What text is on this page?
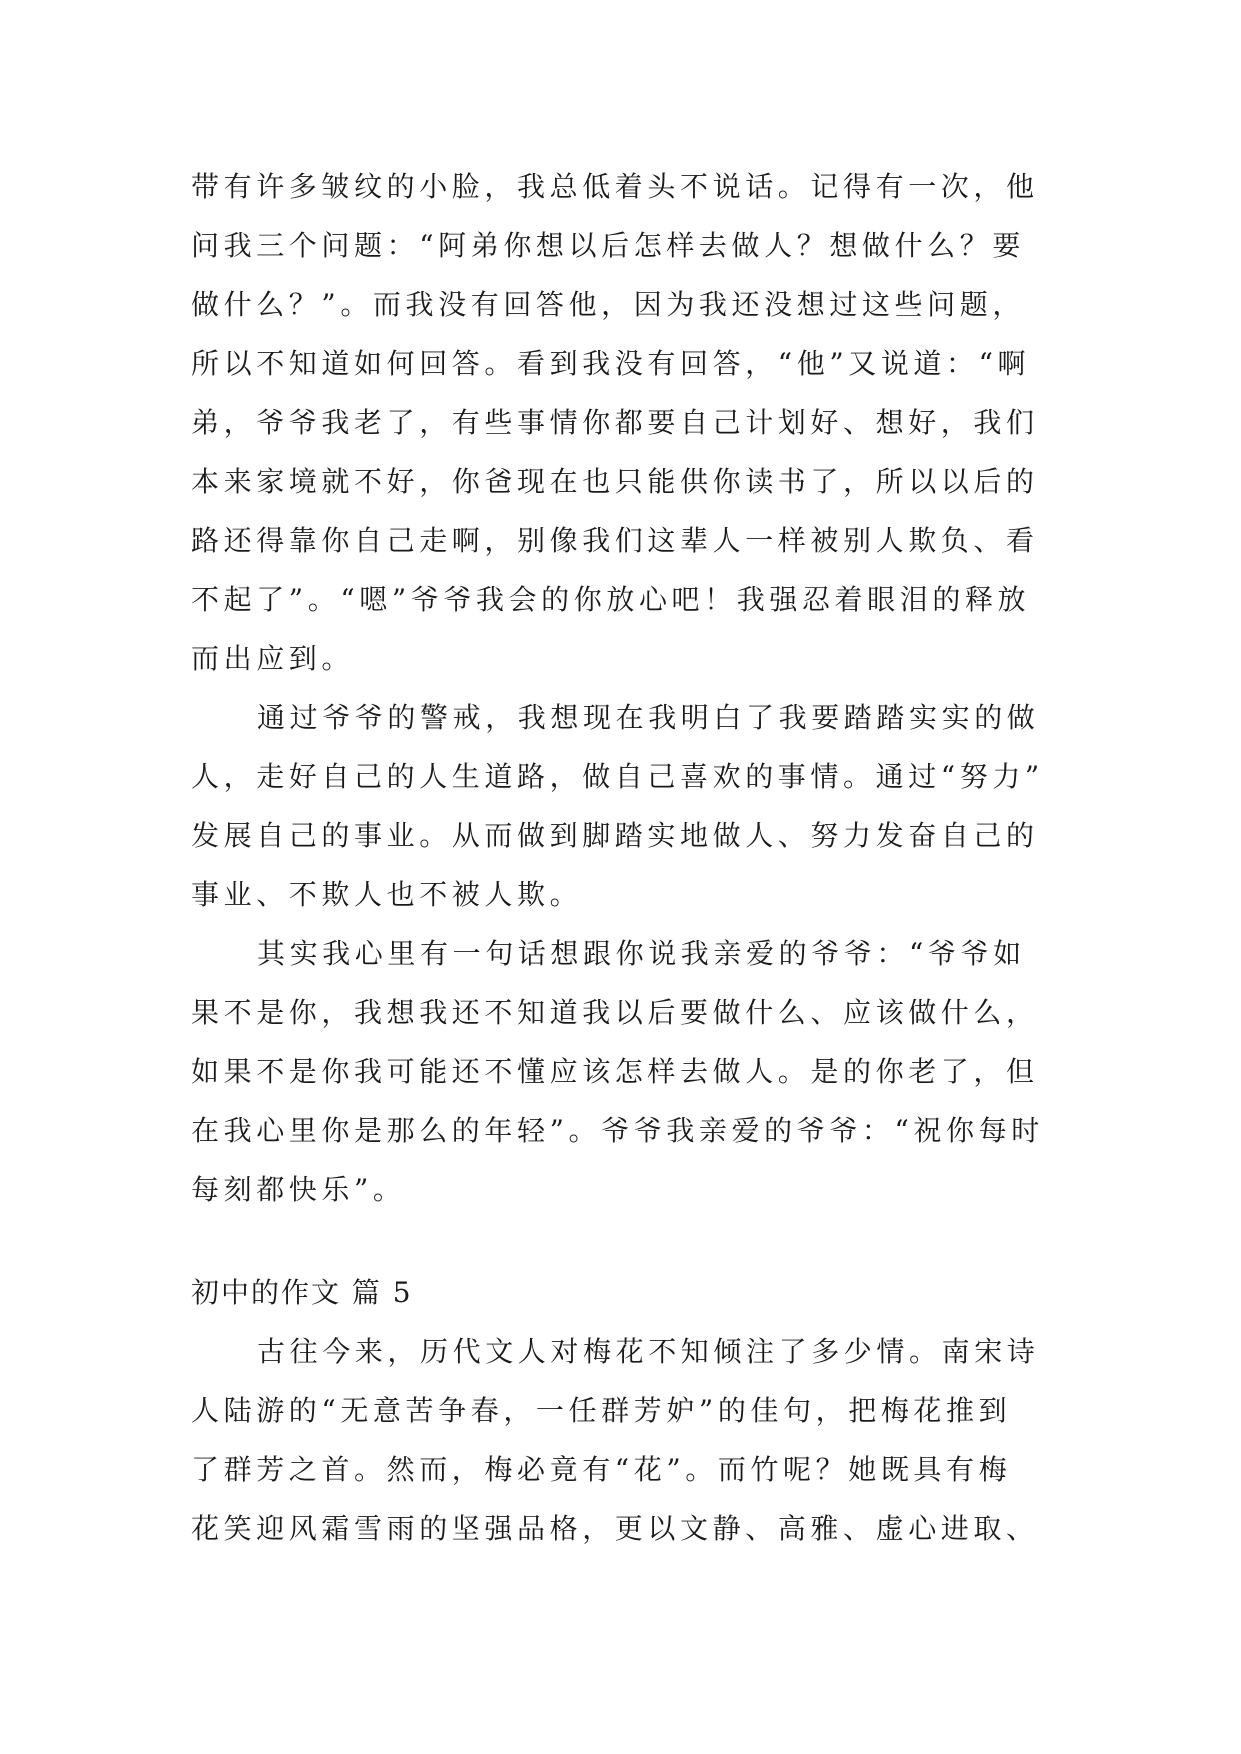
带有许多皱纹的小脸，我总低着头不说话。记得有一次，他
问我三个问题：“阿弟你想以后怎样去做人？想做什么？要
做什么？”。而我没有回答他，因为我还没想过这些问题，
所以不知道如何回答。看到我没有回答，“他”又说道：“啊
弟，爷爷我老了，有些事情你都要自己计划好、想好，我们
本来家境就不好，你爸现在也只能供你读书了，所以以后的
路还得靠你自己走啊，别像我们这辈人一样被别人欺负、看
不起了”。“嗯”爷爷我会的你放心吧！我强忍着眼泪的释放
而出应到。
通过爷爷的警戒，我想现在我明白了我要踏踏实实的做
人，走好自己的人生道路，做自己喜欢的事情。通过“努力”
发展自己的事业。从而做到脚踏实地做人、努力发奋自己的
事业、不欺人也不被人欺。
其实我心里有一句话想跟你说我亲爱的爷爷：“爷爷如
果不是你，我想我还不知道我以后要做什么、应该做什么，
如果不是你我可能还不懂应该怎样去做人。是的你老了，但
在我心里你是那么的年轻”。爷爷我亲爱的爷爷：“祝你每时
每刻都快乐”。
初中的作文 篇 5
古往今来，历代文人对梅花不知倾注了多少情。南宋诗
人陆游的“无意苦争春，一任群芳妒”的佳句，把梅花推到
了群芳之首。然而，梅必竟有“花”。而竹呢？她既具有梅
花笑迎风霜雪雨的坚强品格，更以文静、高雅、虚心进取、
